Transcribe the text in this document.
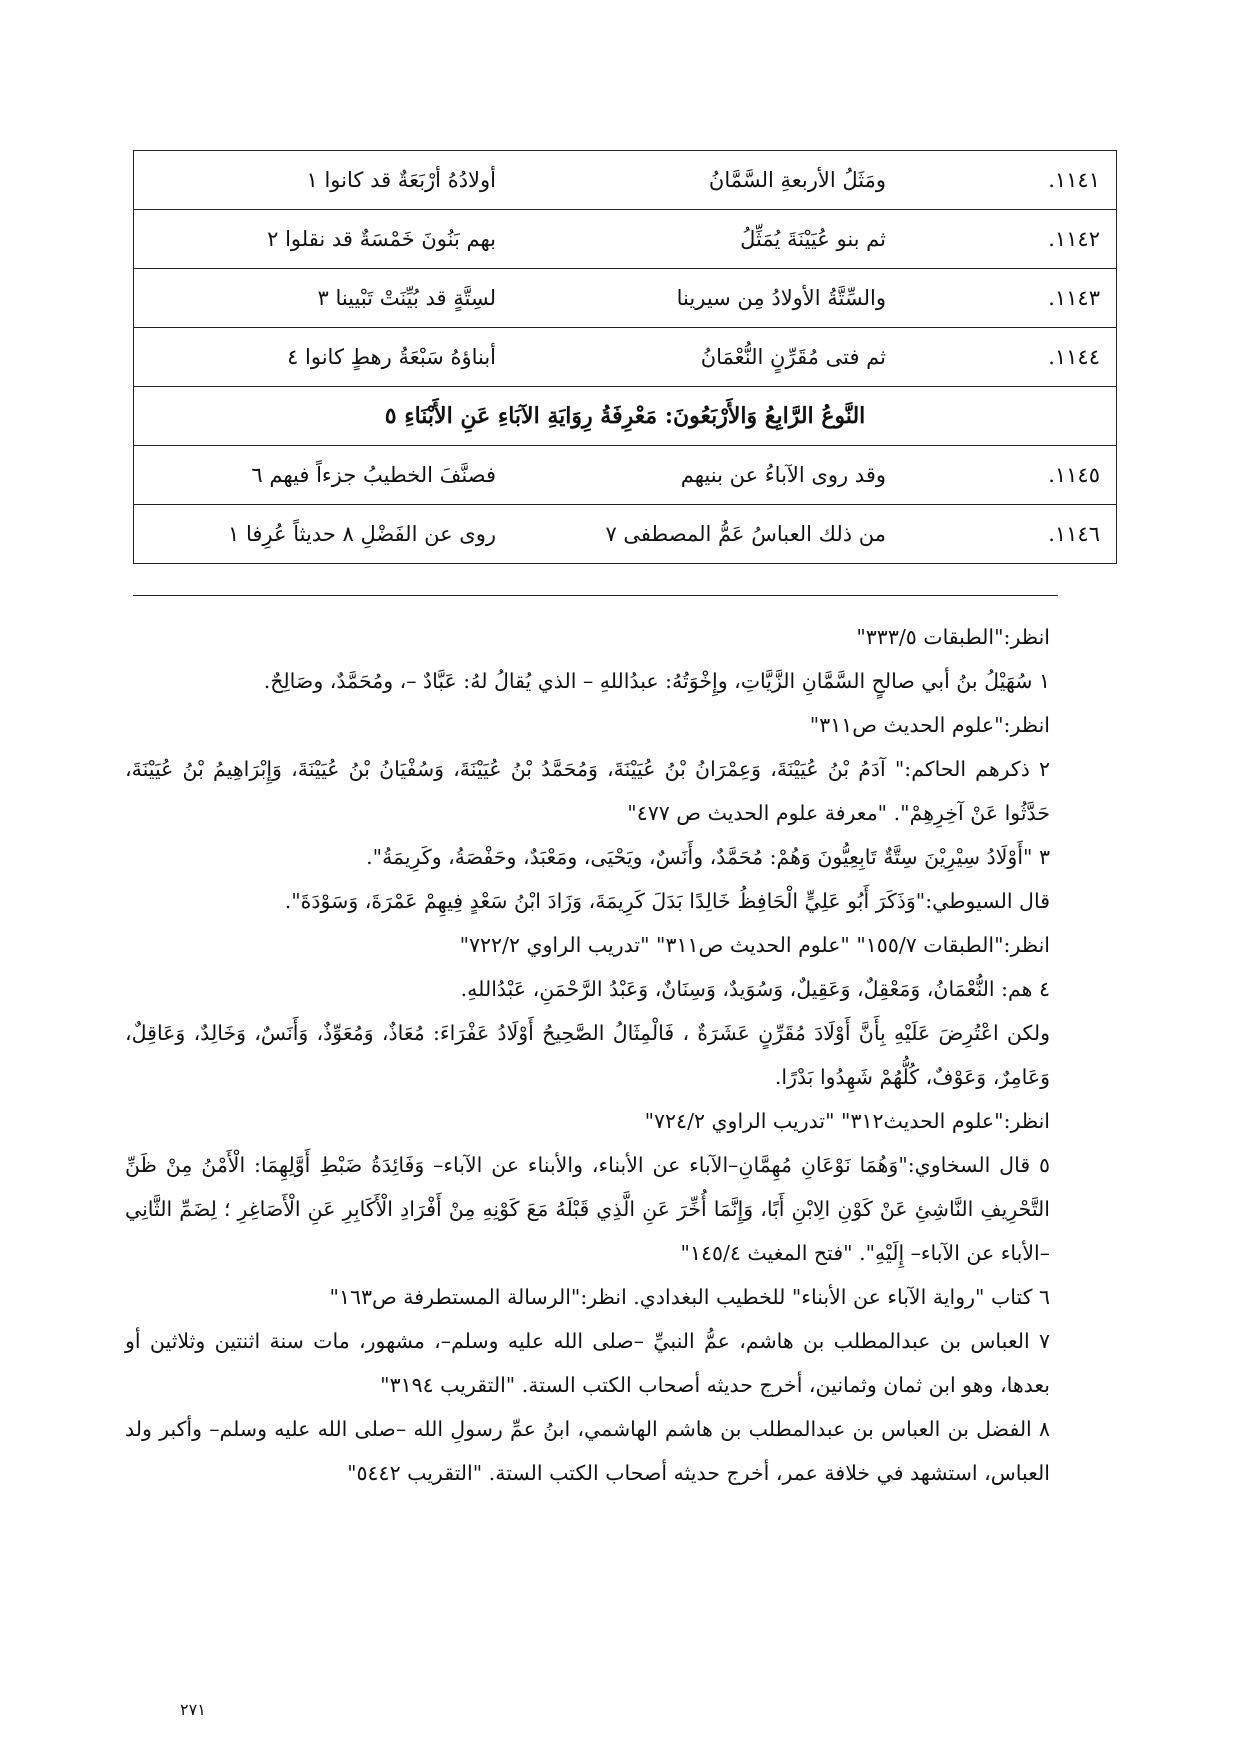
١١٤١.
ومَثَلُ الأربعةِ السَّمَّانُ
أولادُهُ أرْبَعَةٌ قد كانوا ١

١١٤٢.
ثم بنو عُيَيْنَةَ يُمَثِّلُ
بهم بَنُونَ خَمْسَةٌ قد نقلوا ٢

١١٤٣.
والسِّتَّةُ الأولادُ مِن سيرينا
لسِتَّةٍ قد بُيِّنَتْ تَبْيينا ٣

١١٤٤.
ثم فتى مُقَرِّنٍ النُّعْمَانُ
أبناؤهُ سَبْعَةُ رهطٍ كانوا ٤

النَّوعُ الرَّابِعُ وَالأَرْبَعُونَ: مَعْرِفَةُ رِوَايَةِ الآبَاءِ عَنِ الأَبْنَاءِ ٥

١١٤٥.
وقد روى الآباءُ عن بنيهم
فصنَّفَ الخطيبُ جزءاً فيهم ٦

١١٤٦.
من ذلك العباسُ عَمُّ المصطفى ٧
روى عن الفَضْلِ ٨ حديثاً عُرِفا ١

انظر:"الطبقات ٣٣٣/٥"

١ سُهَيْلُ بنُ أبي صالحٍ السَّمَّانِ الزَّيَّاتِ، وإِخْوَتُهُ: عبدُاللهِ – الذي يُقالُ لهُ: عَبَّادٌ –، ومُحَمَّدٌ، وصَالِحٌ.

انظر:"علوم الحديث ص٣١١"

٢ ذكرهم الحاكم:" آدَمُ بْنُ عُيَيْنَةَ، وَعِمْرَانُ بْنُ عُيَيْنَةَ، وَمُحَمَّدُ بْنُ عُيَيْنَةَ، وَسُفْيَانُ بْنُ عُيَيْنَةَ، وَإِبْرَاهِيمُ بْنُ عُيَيْنَةَ، حَدَّثُوا عَنْ آخِرِهِمْ". "معرفة علوم الحديث ص ٤٧٧"

٣ "أَوْلَادُ سِيْرِيْنَ سِتَّةٌ تَابِعِيُّونَ وَهُمْ: مُحَمَّدٌ، وأَنَسٌ، ويَحْيَى، ومَعْبَدٌ، وحَفْصَةُ، وكَرِيمَةُ".

قال السيوطي:"وَذَكَرَ أَبُو عَلِيٍّ الْحَافِظُ خَالِدًا بَدَلَ كَرِيمَةَ، وَزَادَ ابْنُ سَعْدٍ فِيهِمْ عَمْرَةَ، وَسَوْدَةَ".

انظر:"الطبقات ١٥٥/٧" "علوم الحديث ص٣١١" "تدريب الراوي ٧٢٢/٢"

٤ هم: النُّعْمَانُ، وَمَعْقِلٌ، وَعَقِيلٌ، وَسُوَيدٌ، وَسِنَانٌ، وَعَبْدُ الرَّحْمَنِ، عَبْدُاللهِ.

ولكن اعْتُرِضَ عَلَيْهِ بِأَنَّ أَوْلَادَ مُقَرِّنٍ عَشَرَةٌ ، فَالْمِثَالُ الصَّحِيحُ أَوْلَادُ عَفْرَاءَ: مُعَاذٌ، وَمُعَوِّذٌ، وَأَنَسٌ، وَخَالِدٌ، وَعَاقِلٌ، وَعَامِرٌ، وَعَوْفٌ، كُلُّهُمْ شَهِدُوا بَدْرًا.

انظر:"علوم الحديث٣١٢" "تدريب الراوي ٧٢٤/٢"

٥ قال السخاوي:"وَهُمَا نَوْعَانِ مُهِمَّانِ–الآباء عن الأبناء، والأبناء عن الآباء– وَفَائِدَةُ ضَبْطِ أَوَّلِهِمَا: الْأَمْنُ مِنْ ظَنِّ التَّحْرِيفِ النَّاشِئِ عَنْ كَوْنِ الِابْنِ أَبًا، وَإِنَّمَا أُخِّرَ عَنِ الَّذِي قَبْلَهُ مَعَ كَوْنِهِ مِنْ أَفْرَادِ الْأَكَابِرِ عَنِ الْأَصَاغِرِ ؛ لِضَمِّ الثَّانِي –الأباء عن الآباء– إِلَيْهِ". "فتح المغيث ١٤٥/٤"

٦ كتاب "رواية الآباء عن الأبناء" للخطيب البغدادي. انظر:"الرسالة المستطرفة ص١٦٣"

٧ العباس بن عبدالمطلب بن هاشم، عمُّ النبيِّ –صلى الله عليه وسلم–، مشهور، مات سنة اثنتين وثلاثين أو بعدها، وهو ابن ثمان وثمانين، أخرج حديثه أصحاب الكتب الستة. "التقريب ٣١٩٤"

٨ الفضل بن العباس بن عبدالمطلب بن هاشم الهاشمي، ابنُ عمِّ رسولِ الله –صلى الله عليه وسلم– وأكبر ولد العباس، استشهد في خلافة عمر، أخرج حديثه أصحاب الكتب الستة. "التقريب ٥٤٤٢"

٢٧١
